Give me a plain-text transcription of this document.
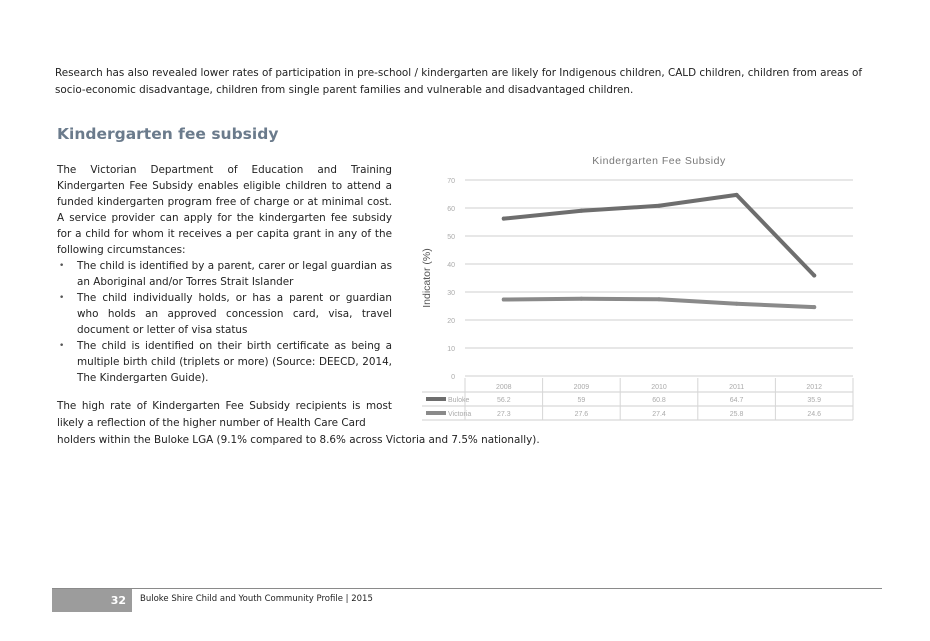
Research has also revealed lower rates of participation in pre-school / kindergarten are likely for Indigenous children, CALD children, children from areas of socio-economic disadvantage, children from single parent families and vulnerable and disadvantaged children.

Kindergarten fee subsidy

The Victorian Department of Education and Training Kindergarten Fee Subsidy enables eligible children to attend a funded kindergarten program free of charge or at minimal cost. A service provider can apply for the kindergarten fee subsidy for a child for whom it receives a per capita grant in any of the following circumstances:

• The child is identified by a parent, carer or legal guardian as an Aboriginal and/or Torres Strait Islander
• The child individually holds, or has a parent or guardian who holds an approved concession card, visa, travel document or letter of visa status
• The child is identified on their birth certificate as being a multiple birth child (triplets or more) (Source: DEECD, 2014, The Kindergarten Guide).

The high rate of Kindergarten Fee Subsidy recipients is most likely a reflection of the higher number of Health Care Card

holders within the Buloke LGA (9.1% compared to 8.6% across Victoria and 7.5% nationally).

Kindergarten Fee Subsidy
Indicator (%)
0
10
20
30
40
50
60
70
2008	2009	2010	2011	2012
Buloke	56.2	59	60.8	64.7	35.9
Victoria	27.3	27.6	27.4	25.8	24.6
32	Buloke Shire Child and Youth Community Profile | 2015
